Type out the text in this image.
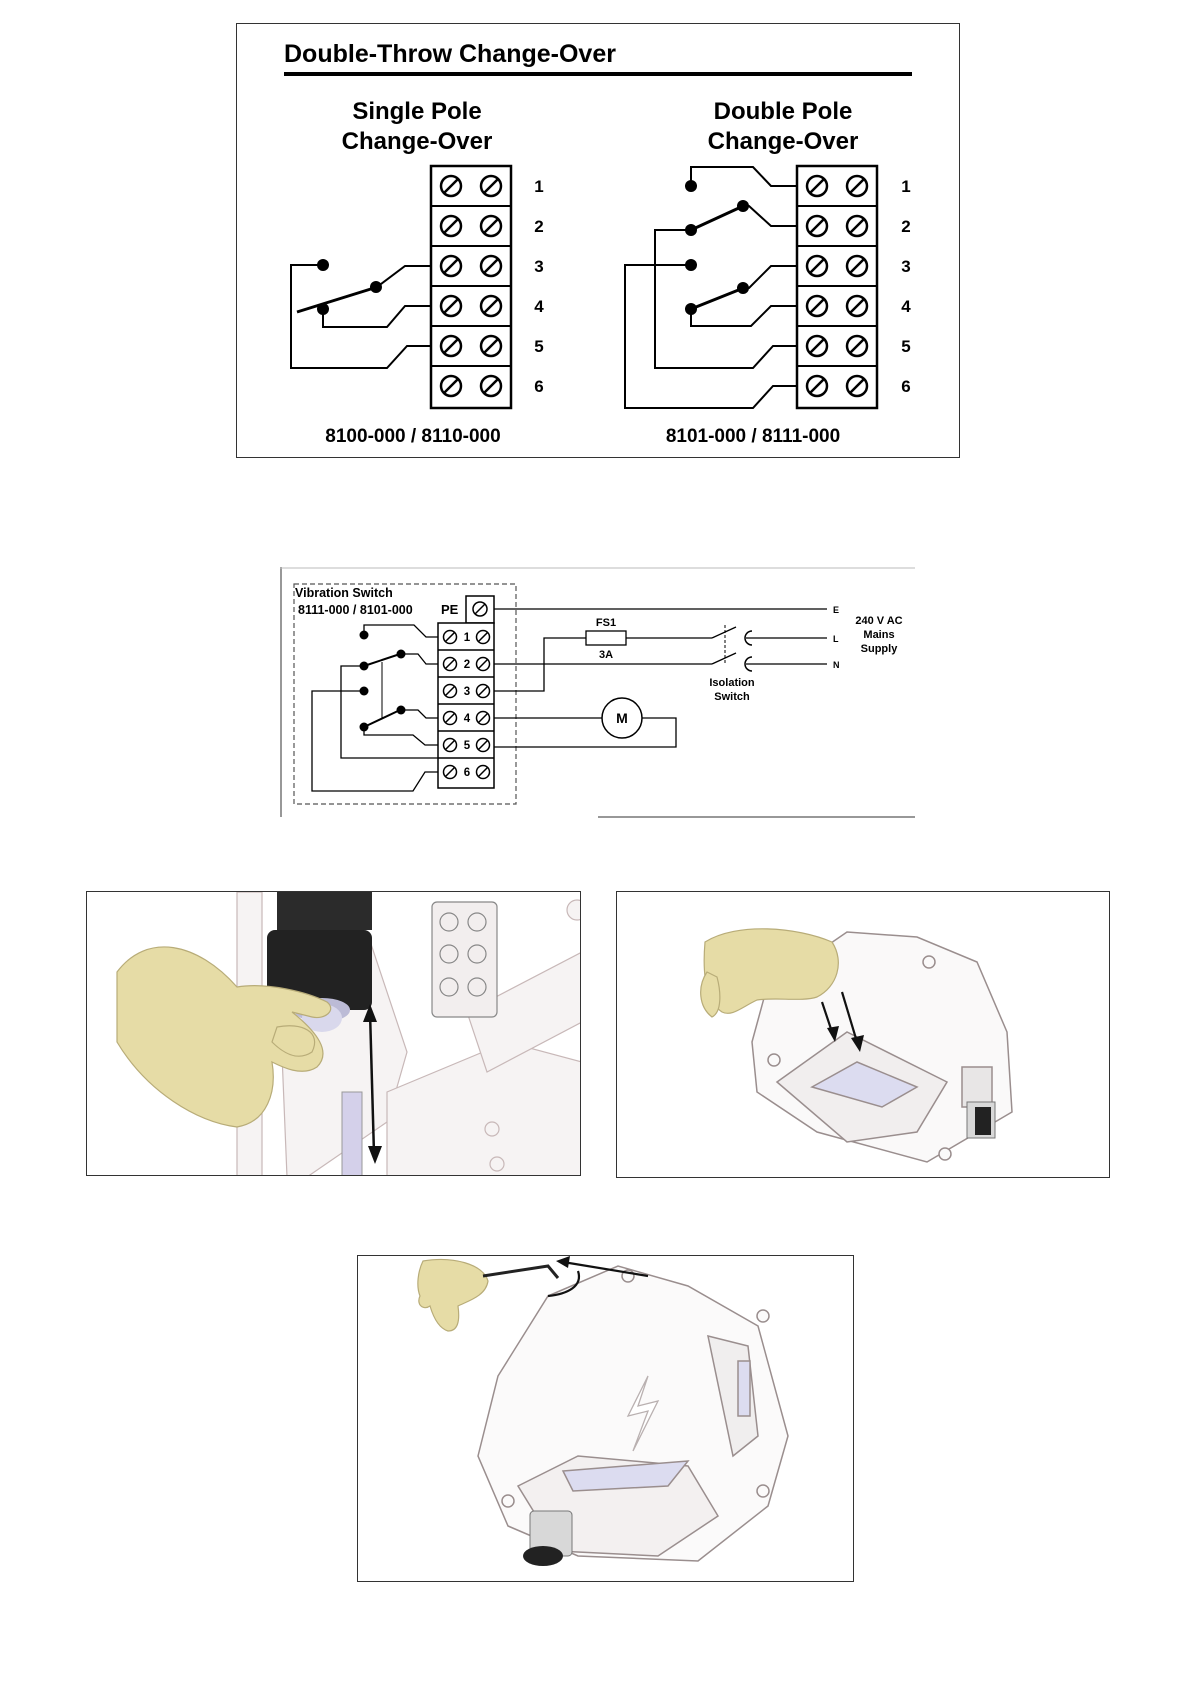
Double-Throw Change-Over
Single Pole
Change-Over
Double Pole
Change-Over
1
2
3
4
5
6
1
2
3
4
5
6
8100-000 / 8110-000	8101-000 / 8111-000
Vibration Switch
8111-000 / 8101-000 PE
1
2
3
4
5
6
FS1
3A
Isolation
Switch
M
E
L
N
240 V AC
Mains
Supply
